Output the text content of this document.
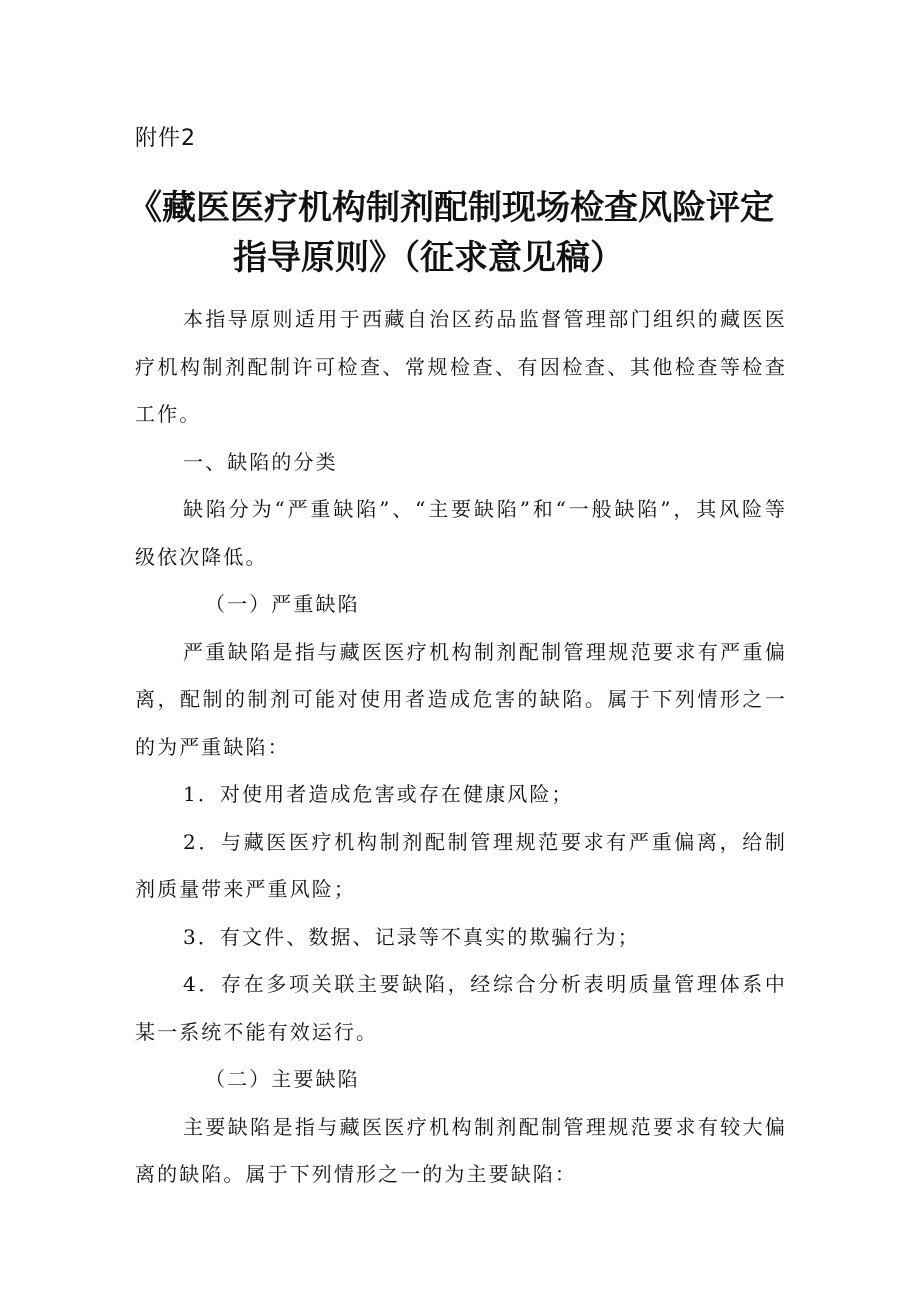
附件2

《藏医医疗机构制剂配制现场检查风险评定
指导原则》（征求意见稿）

本指导原则适用于西藏自治区药品监督管理部门组织的藏医医疗机构制剂配制许可检查、常规检查、有因检查、其他检查等检查工作。

一、缺陷的分类

缺陷分为“严重缺陷”、“主要缺陷”和“一般缺陷”，其风险等级依次降低。

（一）严重缺陷

严重缺陷是指与藏医医疗机构制剂配制管理规范要求有严重偏离，配制的制剂可能对使用者造成危害的缺陷。属于下列情形之一的为严重缺陷：

1．对使用者造成危害或存在健康风险；

2．与藏医医疗机构制剂配制管理规范要求有严重偏离，给制剂质量带来严重风险；

3．有文件、数据、记录等不真实的欺骗行为；

4．存在多项关联主要缺陷，经综合分析表明质量管理体系中某一系统不能有效运行。

（二）主要缺陷

主要缺陷是指与藏医医疗机构制剂配制管理规范要求有较大偏离的缺陷。属于下列情形之一的为主要缺陷：
